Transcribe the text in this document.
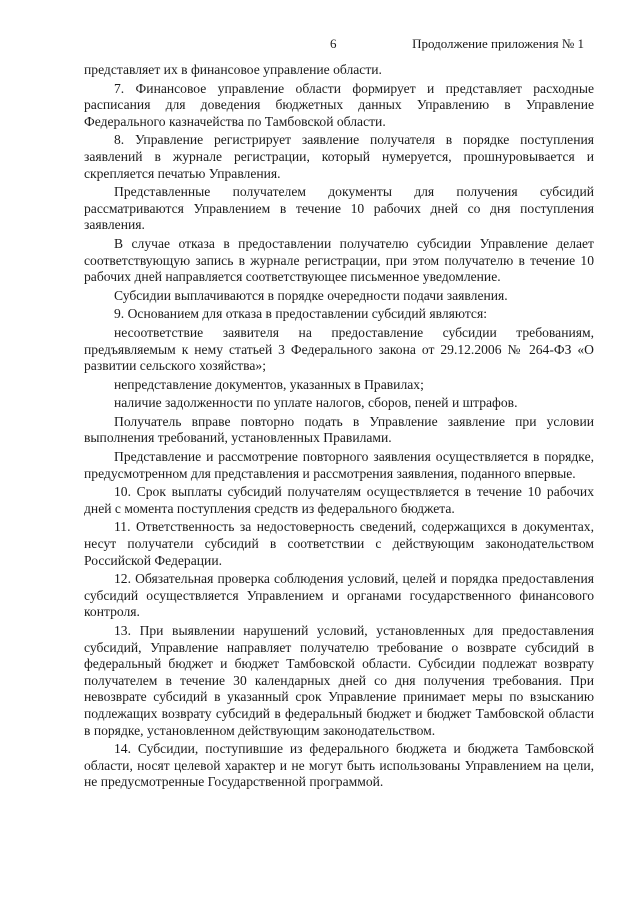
6	Продолжение приложения № 1

представляет их в финансовое управление области.

7. Финансовое управление области формирует и представляет расходные расписания для доведения бюджетных данных Управлению в Управление Федерального казначейства по Тамбовской области.

8. Управление регистрирует заявление получателя в порядке поступления заявлений в журнале регистрации, который нумеруется, прошнуровывается и скрепляется печатью Управления.

Представленные получателем документы для получения субсидий рассматриваются Управлением в течение 10 рабочих дней со дня поступления заявления.

В случае отказа в предоставлении получателю субсидии Управление делает соответствующую запись в журнале регистрации, при этом получателю в течение 10 рабочих дней направляется соответствующее письменное уведомление.

Субсидии выплачиваются в порядке очередности подачи заявления.

9. Основанием для отказа в предоставлении субсидий являются:

несоответствие заявителя на предоставление субсидии требованиям, предъявляемым к нему статьей 3 Федерального закона от 29.12.2006 № 264-ФЗ «О развитии сельского хозяйства»;

непредставление документов, указанных в Правилах;

наличие задолженности по уплате налогов, сборов, пеней и штрафов.

Получатель вправе повторно подать в Управление заявление при условии выполнения требований, установленных Правилами.

Представление и рассмотрение повторного заявления осуществляется в порядке, предусмотренном для представления и рассмотрения заявления, поданного впервые.

10. Срок выплаты субсидий получателям осуществляется в течение 10 рабочих дней с момента поступления средств из федерального бюджета.

11. Ответственность за недостоверность сведений, содержащихся в документах, несут получатели субсидий в соответствии с действующим законодательством Российской Федерации.

12. Обязательная проверка соблюдения условий, целей и порядка предоставления субсидий осуществляется Управлением и органами государственного финансового контроля.

13. При выявлении нарушений условий, установленных для предоставления субсидий, Управление направляет получателю требование о возврате субсидий в федеральный бюджет и бюджет Тамбовской области. Субсидии подлежат возврату получателем в течение 30 календарных дней со дня получения требования. При невозврате субсидий в указанный срок Управление принимает меры по взысканию подлежащих возврату субсидий в федеральный бюджет и бюджет Тамбовской области в порядке, установленном действующим законодательством.

14. Субсидии, поступившие из федерального бюджета и бюджета Тамбовской области, носят целевой характер и не могут быть использованы Управлением на цели, не предусмотренные Государственной программой.
